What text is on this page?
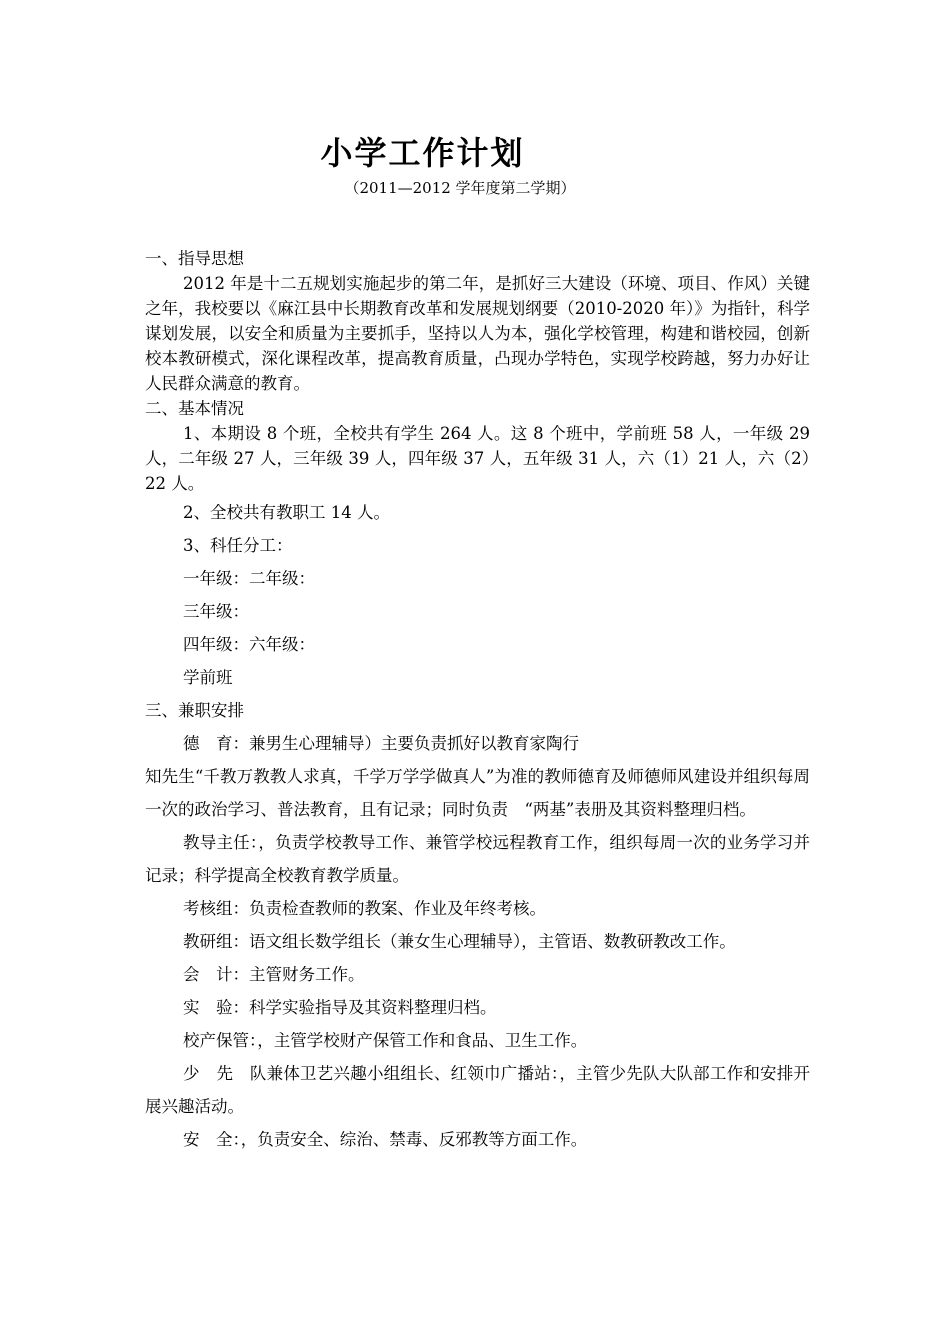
小学工作计划
（2011—2012 学年度第二学期）

一、指导思想

2012 年是十二五规划实施起步的第二年，是抓好三大建设（环境、项目、作风）关键之年，我校要以《麻江县中长期教育改革和发展规划纲要（2010-2020 年）》为指针，科学谋划发展，以安全和质量为主要抓手，坚持以人为本，强化学校管理，构建和谐校园，创新校本教研模式，深化课程改革，提高教育质量，凸现办学特色，实现学校跨越，努力办好让人民群众满意的教育。

二、基本情况

1、本期设 8 个班，全校共有学生 264 人。这 8 个班中，学前班 58 人，一年级 29 人，二年级 27 人，三年级 39 人，四年级 37 人，五年级 31 人，六（1）21 人，六（2）22 人。

2、全校共有教职工 14 人。

3、科任分工：

一年级：二年级：

三年级：

四年级：六年级：

学前班

三、兼职安排

德　育：兼男生心理辅导）主要负责抓好以教育家陶行

知先生“千教万教教人求真，千学万学学做真人”为准的教师德育及师德师风建设并组织每周一次的政治学习、普法教育，且有记录；同时负责　“两基”表册及其资料整理归档。

教导主任：，负责学校教导工作、兼管学校远程教育工作，组织每周一次的业务学习并记录；科学提高全校教育教学质量。

考核组：负责检查教师的教案、作业及年终考核。

教研组：语文组长数学组长（兼女生心理辅导），主管语、数教研教改工作。

会　计：主管财务工作。

实　验：科学实验指导及其资料整理归档。

校产保管：，主管学校财产保管工作和食品、卫生工作。

少　先　队兼体卫艺兴趣小组组长、红领巾广播站：，主管少先队大队部工作和安排开展兴趣活动。

安　全：，负责安全、综治、禁毒、反邪教等方面工作。
